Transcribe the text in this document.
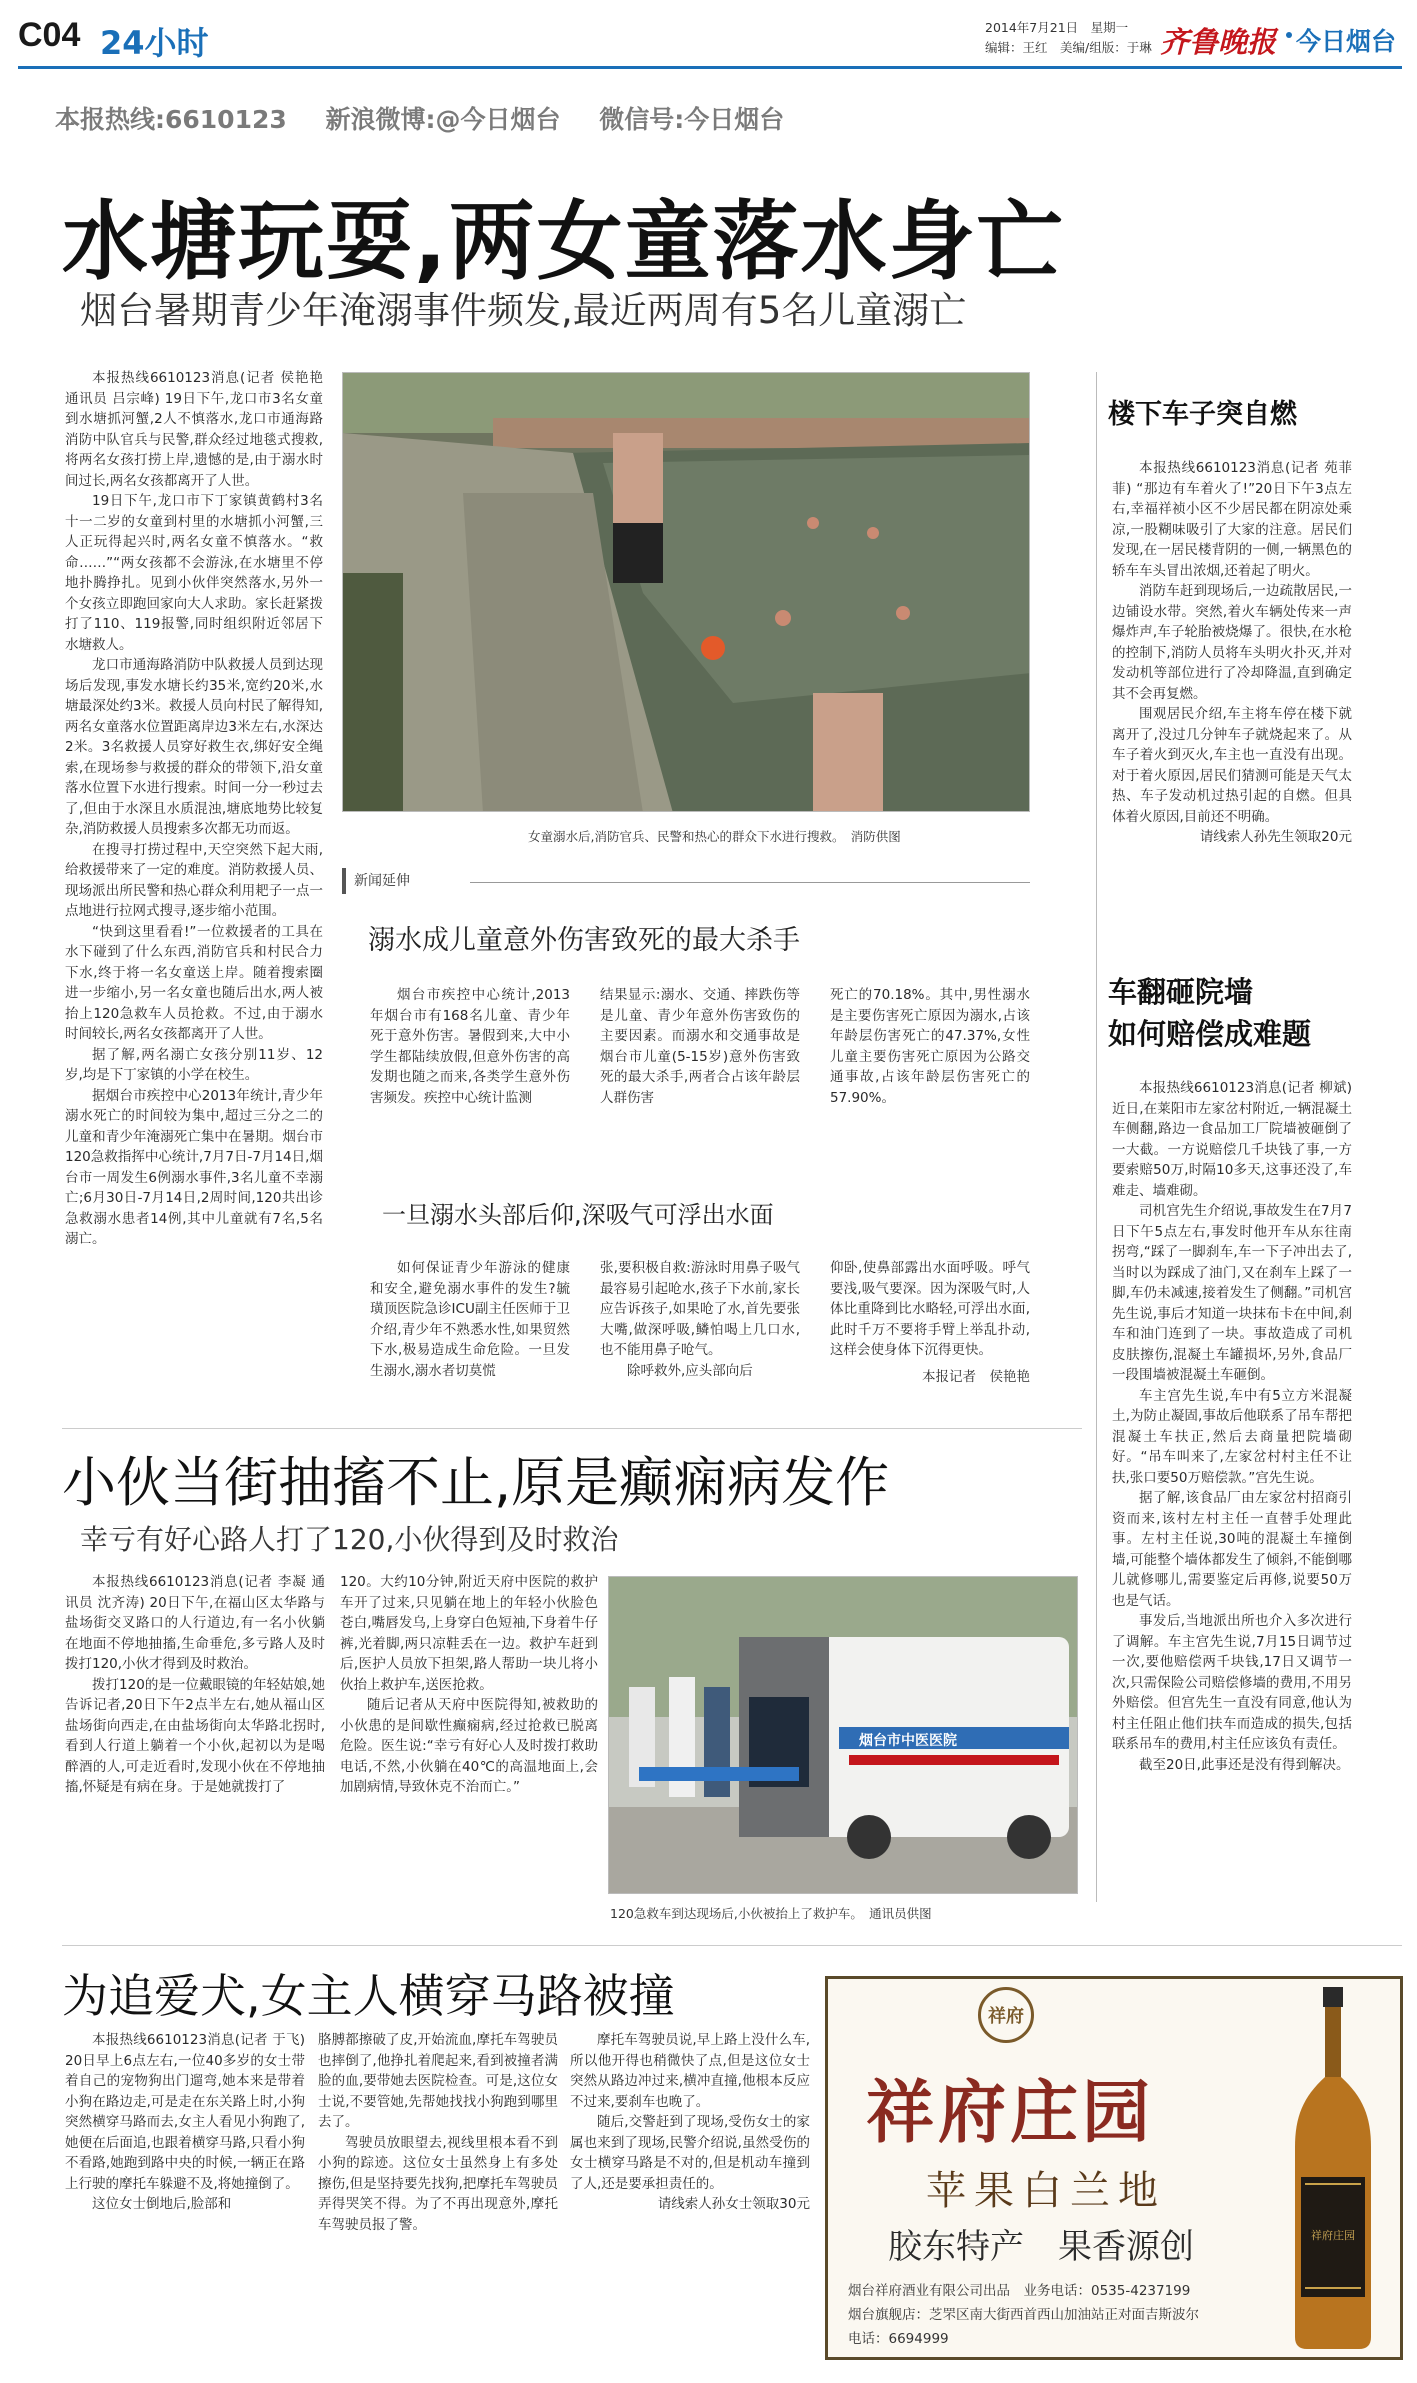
C04 24小时	2014年7月21日　星期一
编辑：王红　美编/组版：于琳 齐鲁晚报 今日烟台
本报热线:6610123 新浪微博:@今日烟台 微信号:今日烟台
水塘玩耍,两女童落水身亡
烟台暑期青少年淹溺事件频发,最近两周有5名儿童溺亡

本报热线6610123消息(记者 侯艳艳 通讯员 吕宗峰) 19日下午,龙口市3名女童到水塘抓河蟹,2人不慎落水,龙口市通海路消防中队官兵与民警,群众经过地毯式搜救,将两名女孩打捞上岸,遗憾的是,由于溺水时间过长,两名女孩都离开了人世。

19日下午,龙口市下丁家镇黄鹤村3名十一二岁的女童到村里的水塘抓小河蟹,三人正玩得起兴时,两名女童不慎落水。“救命……”“两女孩都不会游泳,在水塘里不停地扑腾挣扎。见到小伙伴突然落水,另外一个女孩立即跑回家向大人求助。家长赶紧拨打了110、119报警,同时组织附近邻居下水塘救人。

龙口市通海路消防中队救援人员到达现场后发现,事发水塘长约35米,宽约20米,水塘最深处约3米。救援人员向村民了解得知,两名女童落水位置距离岸边3米左右,水深达2米。3名救援人员穿好救生衣,绑好安全绳索,在现场参与救援的群众的带领下,沿女童落水位置下水进行搜索。时间一分一秒过去了,但由于水深且水质混浊,塘底地势比较复杂,消防救援人员搜索多次都无功而返。

在搜寻打捞过程中,天空突然下起大雨,给救援带来了一定的难度。消防救援人员、现场派出所民警和热心群众利用耙子一点一点地进行拉网式搜寻,逐步缩小范围。

“快到这里看看!”一位救援者的工具在水下碰到了什么东西,消防官兵和村民合力下水,终于将一名女童送上岸。随着搜索圈进一步缩小,另一名女童也随后出水,两人被抬上120急救车人员抢救。不过,由于溺水时间较长,两名女孩都离开了人世。

据了解,两名溺亡女孩分别11岁、12岁,均是下丁家镇的小学在校生。

据烟台市疾控中心2013年统计,青少年溺水死亡的时间较为集中,超过三分之二的儿童和青少年淹溺死亡集中在暑期。烟台市120急救指挥中心统计,7月7日-7月14日,烟台市一周发生6例溺水事件,3名儿童不幸溺亡;6月30日-7月14日,2周时间,120共出诊急救溺水患者14例,其中儿童就有7名,5名溺亡。

女童溺水后,消防官兵、民警和热心的群众下水进行搜救。　消防供图
新闻延伸
溺水成儿童意外伤害致死的最大杀手
烟台市疾控中心统计,2013年烟台市有168名儿童、青少年死于意外伤害。暑假到来,大中小学生都陆续放假,但意外伤害的高发期也随之而来,各类学生意外伤害频发。疾控中心统计监测
结果显示:溺水、交通、摔跌伤等是儿童、青少年意外伤害致伤的主要因素。而溺水和交通事故是烟台市儿童(5-15岁)意外伤害致死的最大杀手,两者合占该年龄层人群伤害
死亡的70.18%。其中,男性溺水是主要伤害死亡原因为溺水,占该年龄层伤害死亡的47.37%,女性儿童主要伤害死亡原因为公路交通事故,占该年龄层伤害死亡的57.90%。
一旦溺水头部后仰,深吸气可浮出水面
如何保证青少年游泳的健康和安全,避免溺水事件的发生?毓璜顶医院急诊ICU副主任医师于卫介绍,青少年不熟悉水性,如果贸然下水,极易造成生命危险。一旦发生溺水,溺水者切莫慌
张,要积极自救:游泳时用鼻子吸气最容易引起呛水,孩子下水前,家长应告诉孩子,如果呛了水,首先要张大嘴,做深呼吸,鳞怕喝上几口水,也不能用鼻子呛气。
除呼救外,应头部向后
仰卧,使鼻部露出水面呼吸。呼气要浅,吸气要深。因为深吸气时,人体比重降到比水略轻,可浮出水面,此时千万不要将手臂上举乱扑动,这样会使身体下沉得更快。
本报记者　侯艳艳
楼下车子突自燃

本报热线6610123消息(记者 苑菲菲) “那边有车着火了!”20日下午3点左右,幸福祥祯小区不少居民都在阴凉处乘凉,一股糊味吸引了大家的注意。居民们发现,在一居民楼背阴的一侧,一辆黑色的轿车车头冒出浓烟,还着起了明火。

消防车赶到现场后,一边疏散居民,一边铺设水带。突然,着火车辆处传来一声爆炸声,车子轮胎被烧爆了。很快,在水枪的控制下,消防人员将车头明火扑灭,并对发动机等部位进行了冷却降温,直到确定其不会再复燃。

围观居民介绍,车主将车停在楼下就离开了,没过几分钟车子就烧起来了。从车子着火到灭火,车主也一直没有出现。对于着火原因,居民们猜测可能是天气太热、车子发动机过热引起的自燃。但具体着火原因,目前还不明确。

请线索人孙先生领取20元

车翻砸院墙
如何赔偿成难题

本报热线6610123消息(记者 柳斌) 近日,在莱阳市左家岔村附近,一辆混凝土车侧翻,路边一食品加工厂院墙被砸倒了一大截。一方说赔偿几千块钱了事,一方要索赔50万,时隔10多天,这事还没了,车难走、墙难砌。

司机宫先生介绍说,事故发生在7月7日下午5点左右,事发时他开车从东往南拐弯,“踩了一脚刹车,车一下子冲出去了,当时以为踩成了油门,又在刹车上踩了一脚,车仍未减速,接着发生了侧翻。”司机宫先生说,事后才知道一块抹布卡在中间,刹车和油门连到了一块。事故造成了司机皮肤擦伤,混凝土车罐损坏,另外,食品厂一段围墙被混凝土车砸倒。

车主宫先生说,车中有5立方米混凝土,为防止凝固,事故后他联系了吊车帮把混凝土车扶正,然后去商量把院墙砌好。“吊车叫来了,左家岔村村主任不让扶,张口要50万赔偿款。”宫先生说。

据了解,该食品厂由左家岔村招商引资而来,该村左村主任一直替手处理此事。左村主任说,30吨的混凝土车撞倒墙,可能整个墙体都发生了倾斜,不能倒哪儿就修哪儿,需要鉴定后再修,说要50万也是气话。

事发后,当地派出所也介入多次进行了调解。车主宫先生说,7月15日调节过一次,要他赔偿两千块钱,17日又调节一次,只需保险公司赔偿修墙的费用,不用另外赔偿。但宫先生一直没有同意,他认为村主任阻止他们扶车而造成的损失,包括联系吊车的费用,村主任应该负有责任。

截至20日,此事还是没有得到解决。

小伙当街抽搐不止,原是癫痫病发作
幸亏有好心路人打了120,小伙得到及时救治

本报热线6610123消息(记者 李凝 通讯员 沈齐涛) 20日下午,在福山区太华路与盐场街交叉路口的人行道边,有一名小伙躺在地面不停地抽搐,生命垂危,多亏路人及时拨打120,小伙才得到及时救治。

拨打120的是一位戴眼镜的年轻姑娘,她告诉记者,20日下午2点半左右,她从福山区盐场街向西走,在由盐场街向太华路北拐时,看到人行道上躺着一个小伙,起初以为是喝醉酒的人,可走近看时,发现小伙在不停地抽搐,怀疑是有病在身。于是她就拨打了

120。大约10分钟,附近天府中医院的救护车开了过来,只见躺在地上的年轻小伙脸色苍白,嘴唇发乌,上身穿白色短袖,下身着牛仔裤,光着脚,两只凉鞋丢在一边。救护车赶到后,医护人员放下担架,路人帮助一块儿将小伙抬上救护车,送医抢救。

随后记者从天府中医院得知,被救助的小伙患的是间歇性癫痫病,经过抢救已脱离危险。医生说:“幸亏有好心人及时拨打救助电话,不然,小伙躺在40℃的高温地面上,会加剧病情,导致休克不治而亡。”

烟台市中医医院
120急救车到达现场后,小伙被抬上了救护车。　通讯员供图
为追爱犬,女主人横穿马路被撞

本报热线6610123消息(记者 于飞) 20日早上6点左右,一位40多岁的女士带着自己的宠物狗出门遛弯,她本来是带着小狗在路边走,可是走在东关路上时,小狗突然横穿马路而去,女主人看见小狗跑了,她便在后面追,也跟着横穿马路,只看小狗不看路,她跑到路中央的时候,一辆正在路上行驶的摩托车躲避不及,将她撞倒了。

这位女士倒地后,脸部和

胳膊都擦破了皮,开始流血,摩托车驾驶员也摔倒了,他挣扎着爬起来,看到被撞者满脸的血,要带她去医院检查。可是,这位女士说,不要管她,先帮她找找小狗跑到哪里去了。

驾驶员放眼望去,视线里根本看不到小狗的踪迹。这位女士虽然身上有多处擦伤,但是坚持要先找狗,把摩托车驾驶员弄得哭笑不得。为了不再出现意外,摩托车驾驶员报了警。

摩托车驾驶员说,早上路上没什么车,所以他开得也稍微快了点,但是这位女士突然从路边冲过来,横冲直撞,他根本反应不过来,要刹车也晚了。

随后,交警赶到了现场,受伤女士的家属也来到了现场,民警介绍说,虽然受伤的女士横穿马路是不对的,但是机动车撞到了人,还是要承担责任的。

请线索人孙女士领取30元

祥府
祥府庄园
苹果白兰地
胶东特产　果香源创
烟台祥府酒业有限公司出品　业务电话：0535-4237199
烟台旗舰店：芝罘区南大街西首西山加油站正对面吉斯波尔
电话：6694999
祥府庄园
